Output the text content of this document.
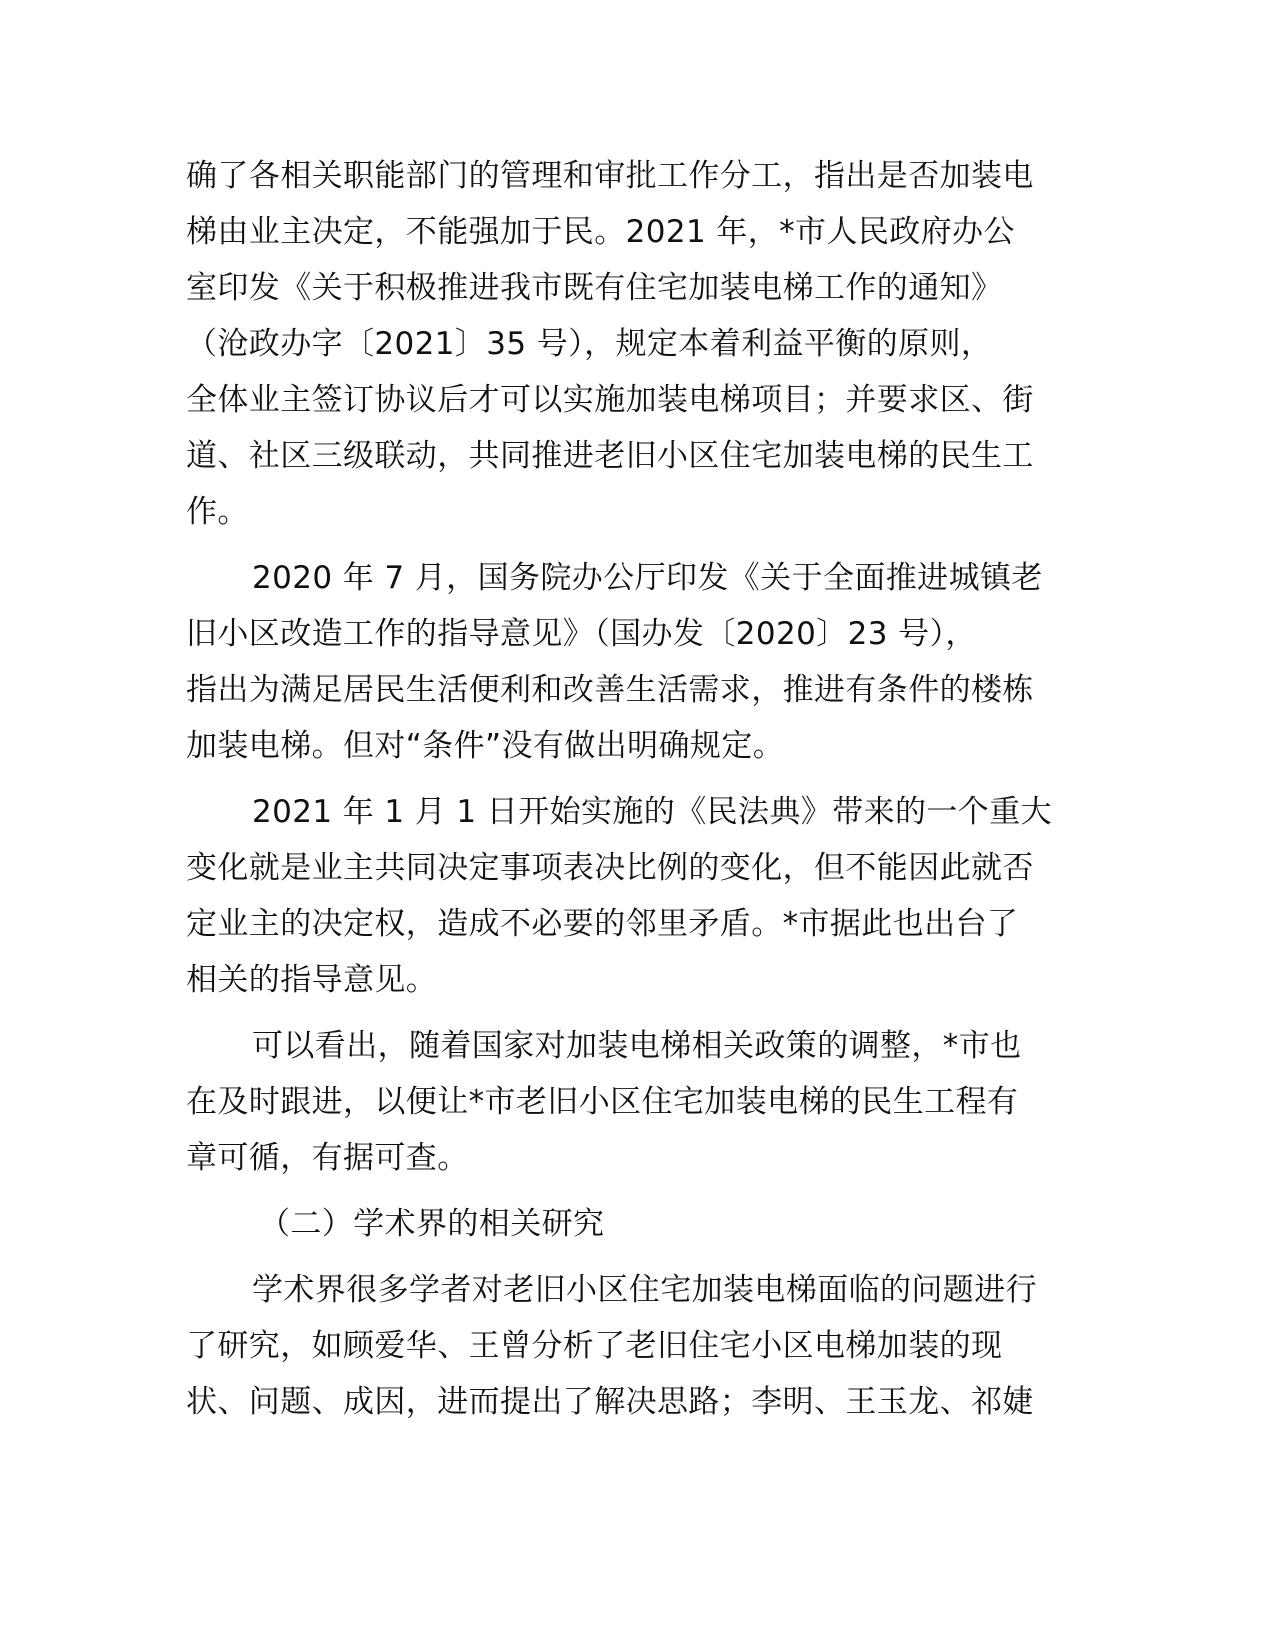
确了各相关职能部门的管理和审批工作分工，指出是否加装电
梯由业主决定，不能强加于民。2021 年，*市人民政府办公
室印发《关于积极推进我市既有住宅加装电梯工作的通知》
（沧政办字〔2021〕35 号），规定本着利益平衡的原则，
全体业主签订协议后才可以实施加装电梯项目；并要求区、街
道、社区三级联动，共同推进老旧小区住宅加装电梯的民生工
作。
2020 年 7 月，国务院办公厅印发《关于全面推进城镇老
旧小区改造工作的指导意见》（国办发〔2020〕23 号），
指出为满足居民生活便利和改善生活需求，推进有条件的楼栋
加装电梯。但对“条件”没有做出明确规定。
2021 年 1 月 1 日开始实施的《民法典》带来的一个重大
变化就是业主共同决定事项表决比例的变化，但不能因此就否
定业主的决定权，造成不必要的邻里矛盾。*市据此也出台了
相关的指导意见。
可以看出，随着国家对加装电梯相关政策的调整，*市也
在及时跟进，以便让*市老旧小区住宅加装电梯的民生工程有
章可循，有据可查。
（二）学术界的相关研究
学术界很多学者对老旧小区住宅加装电梯面临的问题进行
了研究，如顾爱华、王曾分析了老旧住宅小区电梯加装的现
状、问题、成因，进而提出了解决思路；李明、王玉龙、祁婕
